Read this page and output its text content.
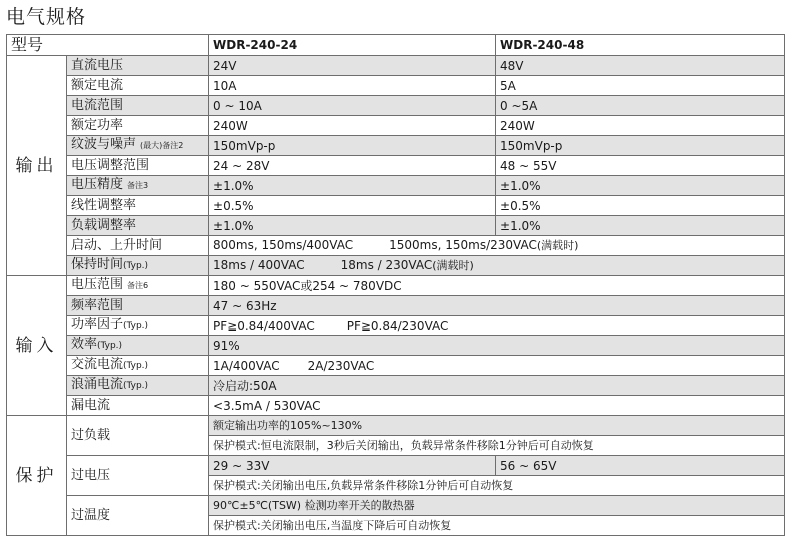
电气规格
型号		WDR-240-24	WDR-240-48
输出	直流电压	24V	48V
	额定电流	10A	5A
	电流范围	0 ~ 10A	0 ~5A
	额定功率	240W	240W
	纹波与噪声 (最大)备注2	150mVp-p	150mVp-p
	电压调整范围	24 ~ 28V	48 ~ 55V
	电压精度 备注3	±1.0%	±1.0%
	线性调整率	±0.5%	±0.5%
	负载调整率	±1.0%	±1.0%
	启动、上升时间	800ms, 150ms/400VAC 1500ms, 150ms/230VAC(满载时)	
	保持时间(Typ.)	18ms / 400VAC 18ms / 230VAC(满载时)	
输入	电压范围 备注6	180 ~ 550VAC或254 ~ 780VDC	
	频率范围	47 ~ 63Hz	
	功率因子(Typ.)	PF≧0.84/400VAC PF≧0.84/230VAC	
	效率(Typ.)	91%	
	交流电流(Typ.)	1A/400VAC 2A/230VAC	
	浪涌电流(Typ.)	冷启动:50A	
	漏电流	<3.5mA / 530VAC	
保护	过负载	额定输出功率的105%~130%	
		保护模式:恒电流限制，3秒后关闭输出，负载异常条件移除1分钟后可自动恢复	
	过电压	29 ~ 33V	56 ~ 65V
		保护模式:关闭输出电压,负载异常条件移除1分钟后可自动恢复	
	过温度	90℃±5℃(TSW) 检测功率开关的散热器	
		保护模式:关闭输出电压,当温度下降后可自动恢复	
